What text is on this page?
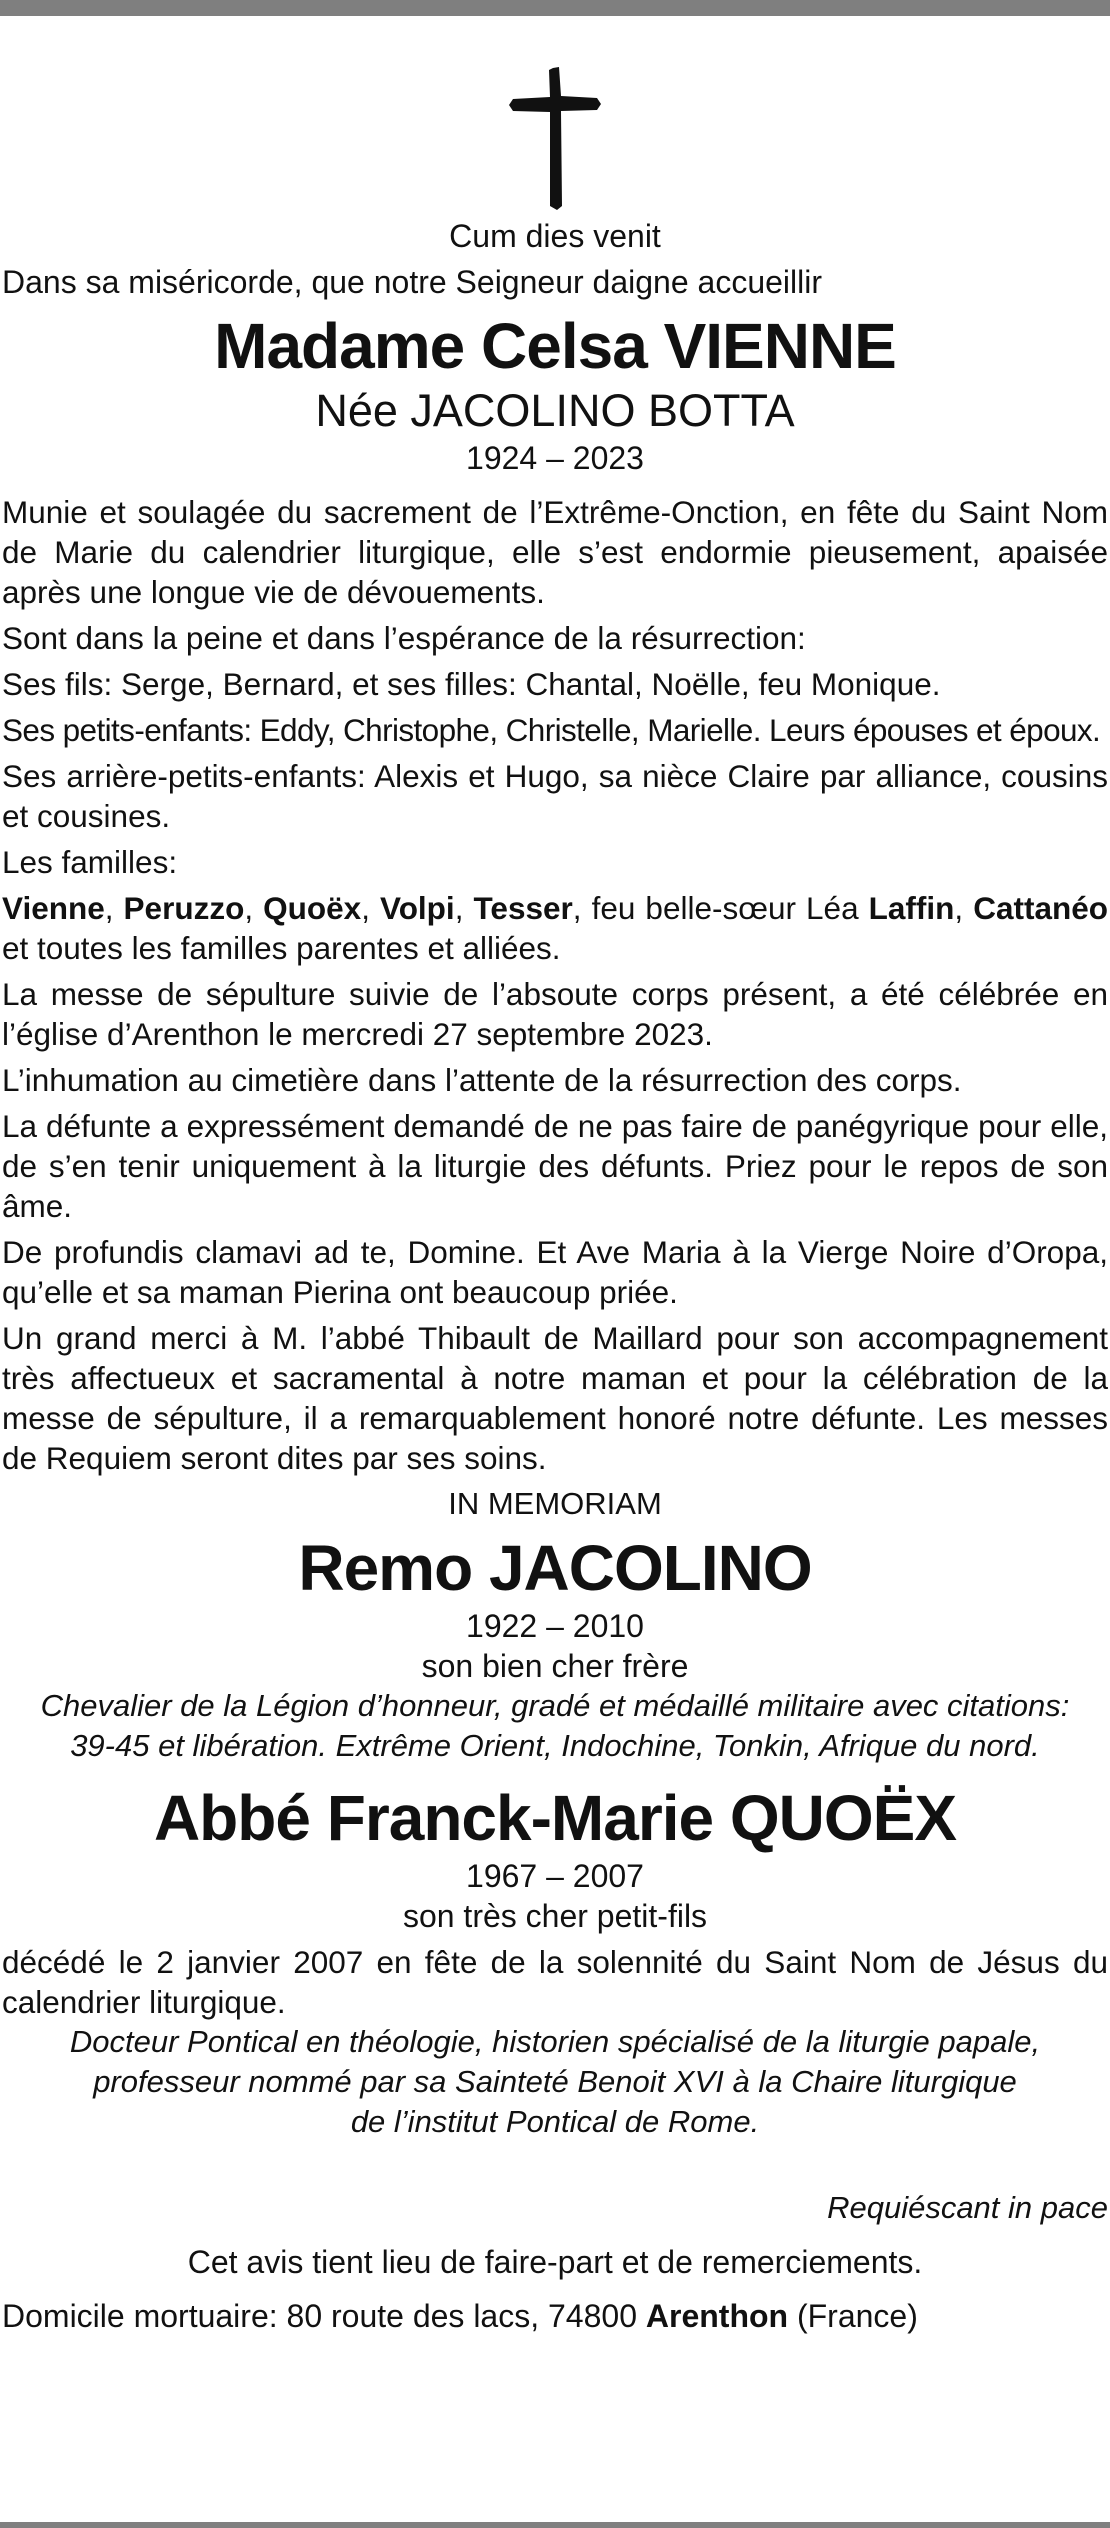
Cum dies venit

Dans sa miséricorde, que notre Seigneur daigne accueillir

Madame Celsa VIENNE

Née JACOLINO BOTTA

1924 – 2023

Munie et soulagée du sacrement de l’Extrême-Onction, en fête du Saint Nom de Marie du calendrier liturgique, elle s’est endormie pieusement, apaisée après une longue vie de dévouements.

Sont dans la peine et dans l’espérance de la résurrection:

Ses fils: Serge, Bernard, et ses filles: Chantal, Noëlle, feu Monique.

Ses petits-enfants: Eddy, Christophe, Christelle, Marielle. Leurs épouses et époux.

Ses arrière-petits-enfants: Alexis et Hugo, sa nièce Claire par alliance, cousins et cousines.

Les familles:

Vienne, Peruzzo, Quoëx, Volpi, Tesser, feu belle-sœur Léa Laffin, Cattanéo et toutes les familles parentes et alliées.

La messe de sépulture suivie de l’absoute corps présent, a été célébrée en l’église d’Arenthon le mercredi 27 septembre 2023.

L’inhumation au cimetière dans l’attente de la résurrection des corps.

La défunte a expressément demandé de ne pas faire de panégyrique pour elle, de s’en tenir uniquement à la liturgie des défunts. Priez pour le repos de son âme.

De profundis clamavi ad te, Domine. Et Ave Maria à la Vierge Noire d’Oropa, qu’elle et sa maman Pierina ont beaucoup priée.

Un grand merci à M. l’abbé Thibault de Maillard pour son accompagnement très affectueux et sacramental à notre maman et pour la célébration de la messe de sépulture, il a remarquablement honoré notre défunte. Les messes de Requiem seront dites par ses soins.

IN MEMORIAM

Remo JACOLINO

1922 – 2010

son bien cher frère

Chevalier de la Légion d’honneur, gradé et médaillé militaire avec citations:

39-45 et libération. Extrême Orient, Indochine, Tonkin, Afrique du nord.

Abbé Franck-Marie QUOËX

1967 – 2007

son très cher petit-fils

décédé le 2 janvier 2007 en fête de la solennité du Saint Nom de Jésus du calendrier liturgique.

Docteur Pontical en théologie, historien spécialisé de la liturgie papale,

professeur nommé par sa Sainteté Benoit XVI à la Chaire liturgique

de l’institut Pontical de Rome.

Requiéscant in pace

Cet avis tient lieu de faire-part et de remerciements.

Domicile mortuaire: 80 route des lacs, 74800 Arenthon (France)
